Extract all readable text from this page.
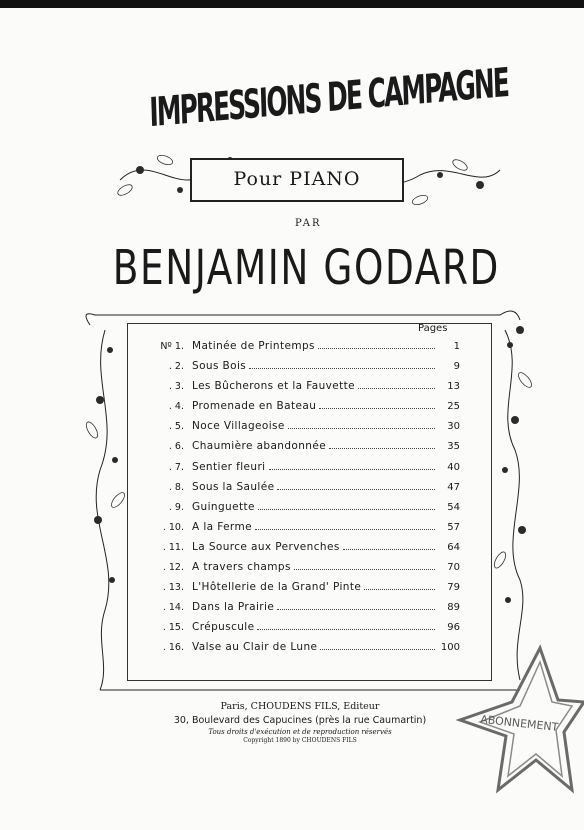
IMPRESSIONS DE CAMPAGNE
Pour PIANO
PAR
BENJAMIN GODARD
Pages
Nº 1. Matinée de Printemps	1
. 2. Sous Bois	9
. 3. Les Bûcherons et la Fauvette	13
. 4. Promenade en Bateau	25
. 5. Noce Villageoise	30
. 6. Chaumière abandonnée	35
. 7. Sentier fleuri	40
. 8. Sous la Saulée	47
. 9. Guinguette	54
. 10. A la Ferme	57
. 11. La Source aux Pervenches	64
. 12. A travers champs	70
. 13. L'Hôtellerie de la Grand' Pinte	79
. 14. Dans la Prairie	89
. 15. Crépuscule	96
. 16. Valse au Clair de Lune	100
Paris, CHOUDENS FILS, Editeur
30, Boulevard des Capucines (près la rue Caumartin)
Tous droits d'exécution et de reproduction réservés
Copyright 1890 by CHOUDENS FILS
ABONNEMENT
